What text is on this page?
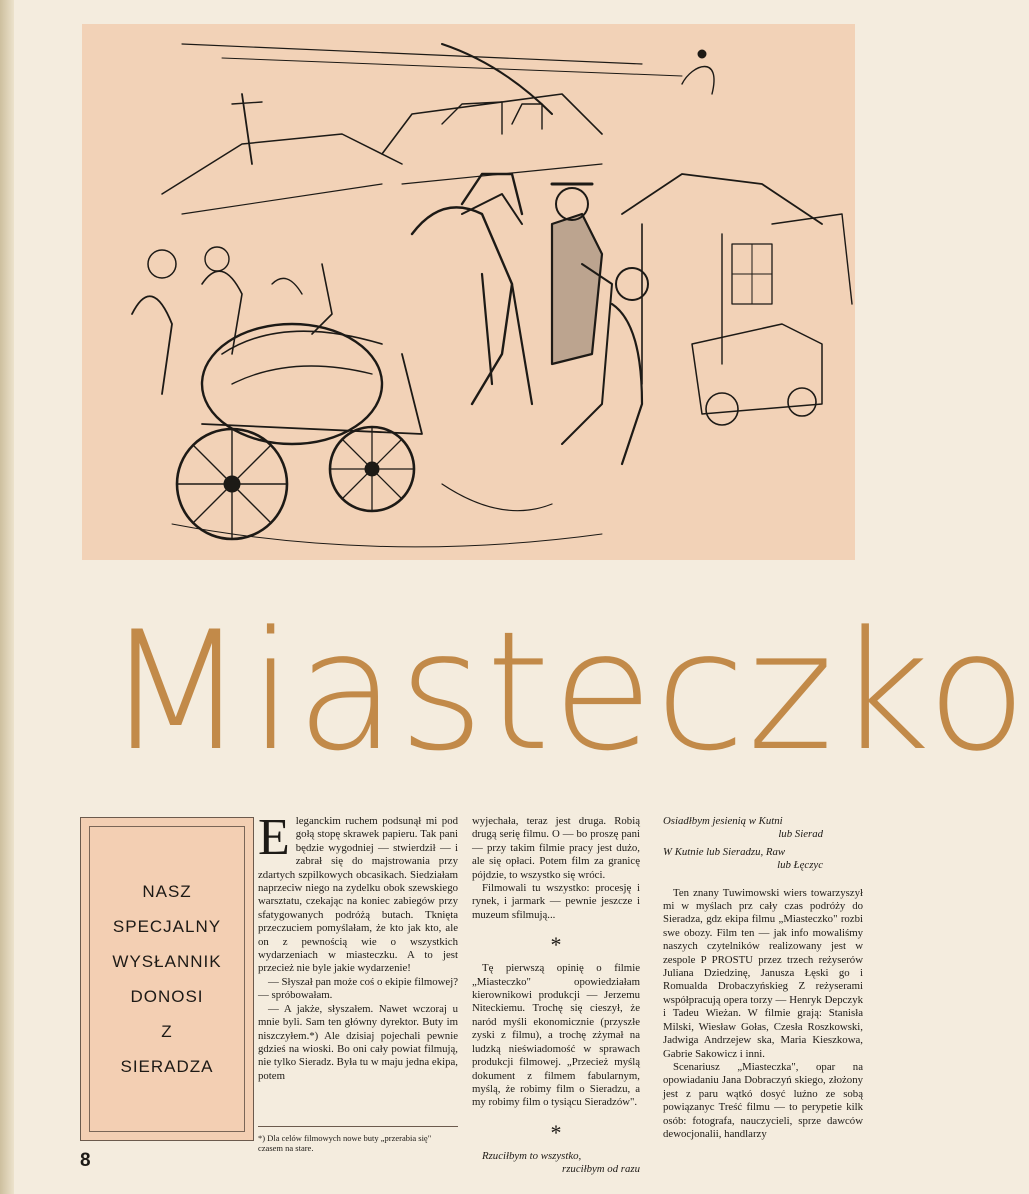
Miasteczko
NASZ
SPECJALNY
WYSŁANNIK
DONOSI
Z
SIERADZA
E leganckim ruchem podsunął mi pod gołą stopę skrawek papieru. Tak pani będzie wygodniej — stwierdził — i zabrał się do majstrowania przy zdartych szpilkowych obcasikach. Siedziałam naprzeciw niego na zydelku obok szewskiego warsztatu, czekając na koniec zabiegów przy sfatygowanych podróżą butach. Tknięta przeczuciem pomyślałam, że kto jak kto, ale on z pewnością wie o wszystkich wydarzeniach w miasteczku. A to jest przecież nie byle jakie wydarzenie!

— Słyszał pan może coś o ekipie filmowej? — spróbowałam.

— A jakże, słyszałem. Nawet wczoraj u mnie byli. Sam ten główny dyrektor. Buty im niszczyłem.*) Ale dzisiaj pojechali pewnie gdzieś na wioski. Bo oni cały powiat filmują, nie tylko Sieradz. Była tu w maju jedna ekipa, potem

*) Dla celów filmowych nowe buty „przerabia się" czasem na stare.

wyjechała, teraz jest druga. Robią drugą serię filmu. O — bo proszę pani — przy takim filmie pracy jest dużo, ale się opłaci. Potem film za granicę pójdzie, to wszystko się wróci.

Filmowali tu wszystko: procesję i rynek, i jarmark — pewnie jeszcze i muzeum sfilmują...

*

Tę pierwszą opinię o filmie „Miasteczko" opowiedziałam kierownikowi produkcji — Jerzemu Niteckiemu. Trochę się cieszył, że naród myśli ekonomicznie (przyszłe zyski z filmu), a trochę zżymał na ludzką nieświadomość w sprawach produkcji filmowej. „Przecież myślą dokument z filmem fabularnym, myślą, że robimy film o Sieradzu, a my robimy film o tysiącu Sieradzów".

*

Rzuciłbym to wszystko,

rzuciłbym od razu

Osiadłbym jesienią w Kutni

lub Sierad

W Kutnie lub Sieradzu, Raw

lub Łęczyc

Ten znany Tuwimowski wiers towarzyszył mi w myślach prz cały czas podróży do Sieradza, gdz ekipa filmu „Miasteczko" rozbi swe obozy. Film ten — jak info mowaliśmy naszych czytelników realizowany jest w zespole P PROSTU przez trzech reżyserów Juliana Dziedzinę, Janusza Łęski go i Romualda Drobaczyńskieg Z reżyserami współpracują opera torzy — Henryk Depczyk i Tadeu Wieżan. W filmie grają: Stanisła Milski, Wiesław Gołas, Czesła Roszkowski, Jadwiga Andrzejew ska, Maria Kieszkowa, Gabrie Sakowicz i inni.

Scenariusz „Miasteczka", opar na opowiadaniu Jana Dobraczyń skiego, złożony jest z paru wątkó dosyć luźno ze sobą powiązanyc Treść filmu — to perypetie kilk osób: fotografa, nauczycieli, sprze dawców dewocjonalii, handlarzy

8
